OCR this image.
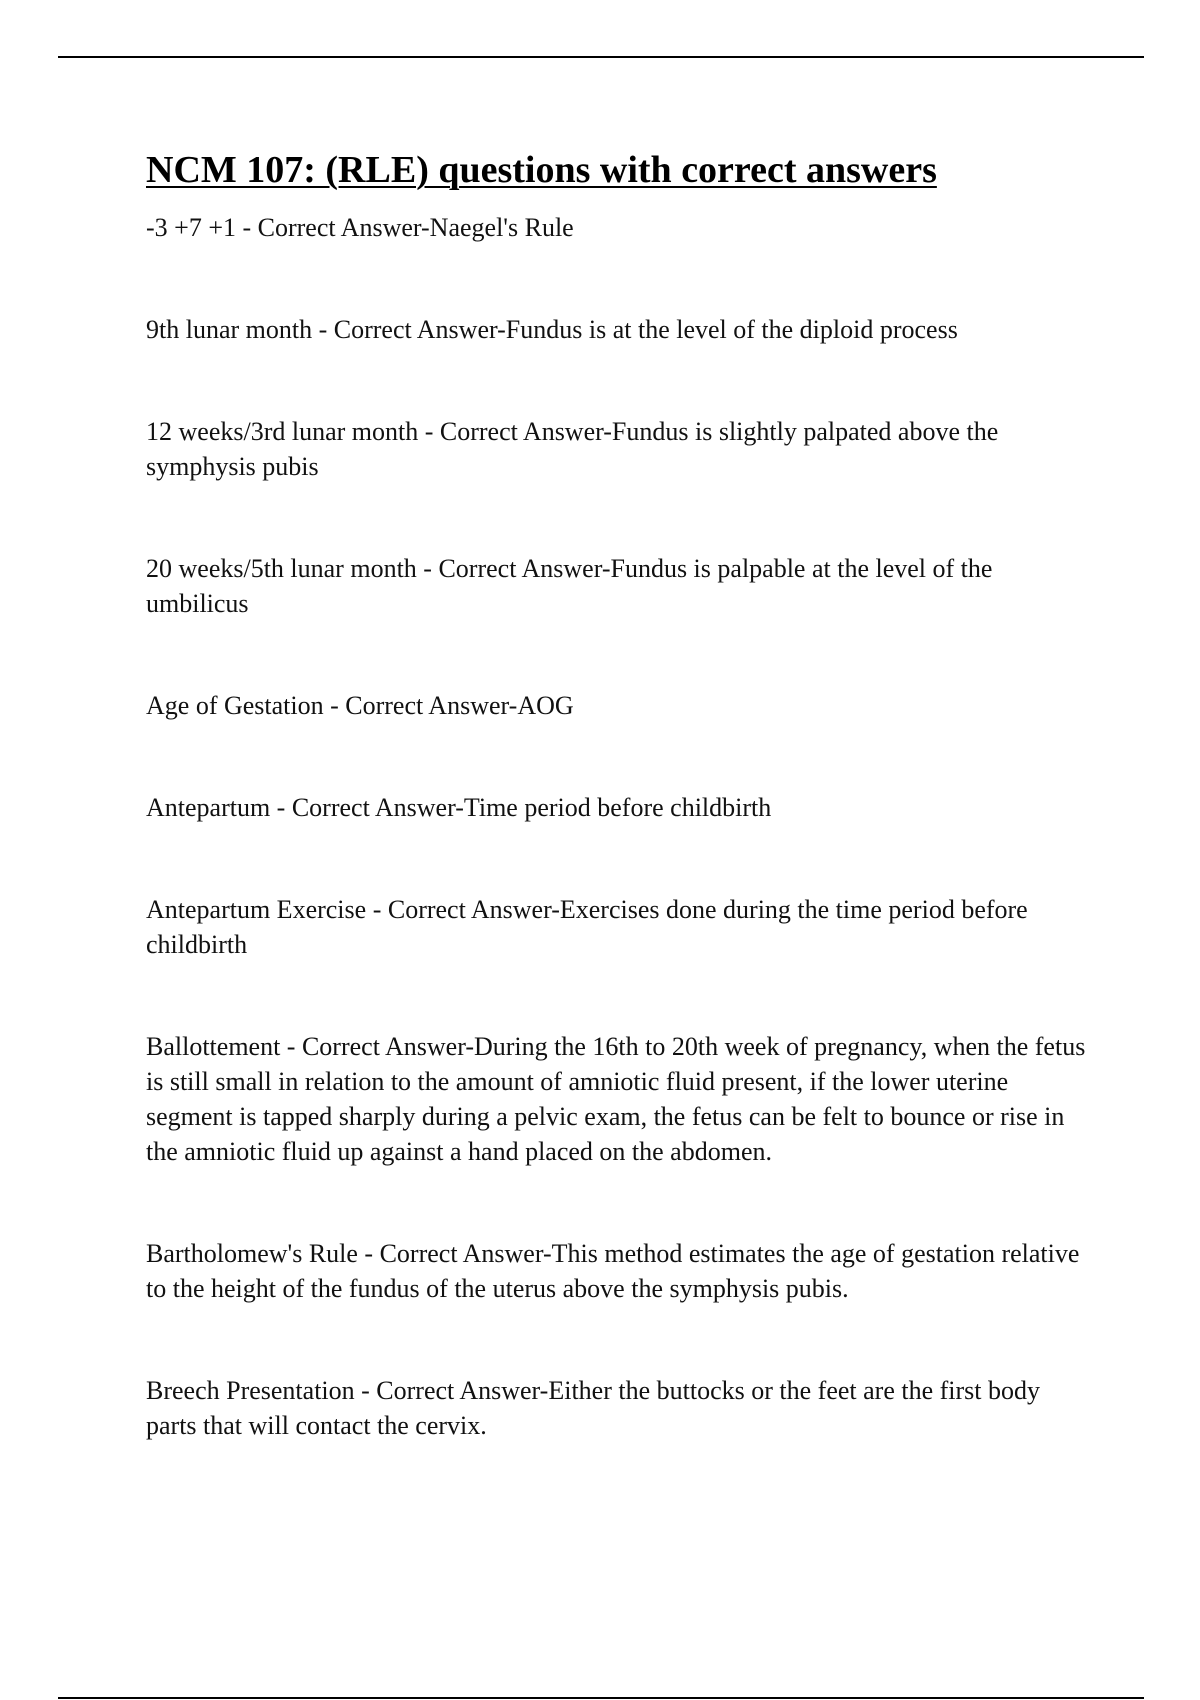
NCM 107: (RLE) questions with correct answers

-3 +7 +1 - Correct Answer-Naegel's Rule

9th lunar month - Correct Answer-Fundus is at the level of the diploid process

12 weeks/3rd lunar month - Correct Answer-Fundus is slightly palpated above the symphysis pubis

20 weeks/5th lunar month - Correct Answer-Fundus is palpable at the level of the umbilicus

Age of Gestation - Correct Answer-AOG

Antepartum - Correct Answer-Time period before childbirth

Antepartum Exercise - Correct Answer-Exercises done during the time period before childbirth

Ballottement - Correct Answer-During the 16th to 20th week of pregnancy, when the fetus is still small in relation to the amount of amniotic fluid present, if the lower uterine segment is tapped sharply during a pelvic exam, the fetus can be felt to bounce or rise in the amniotic fluid up against a hand placed on the abdomen.

Bartholomew's Rule - Correct Answer-This method estimates the age of gestation relative to the height of the fundus of the uterus above the symphysis pubis.

Breech Presentation - Correct Answer-Either the buttocks or the feet are the first body parts that will contact the cervix.
